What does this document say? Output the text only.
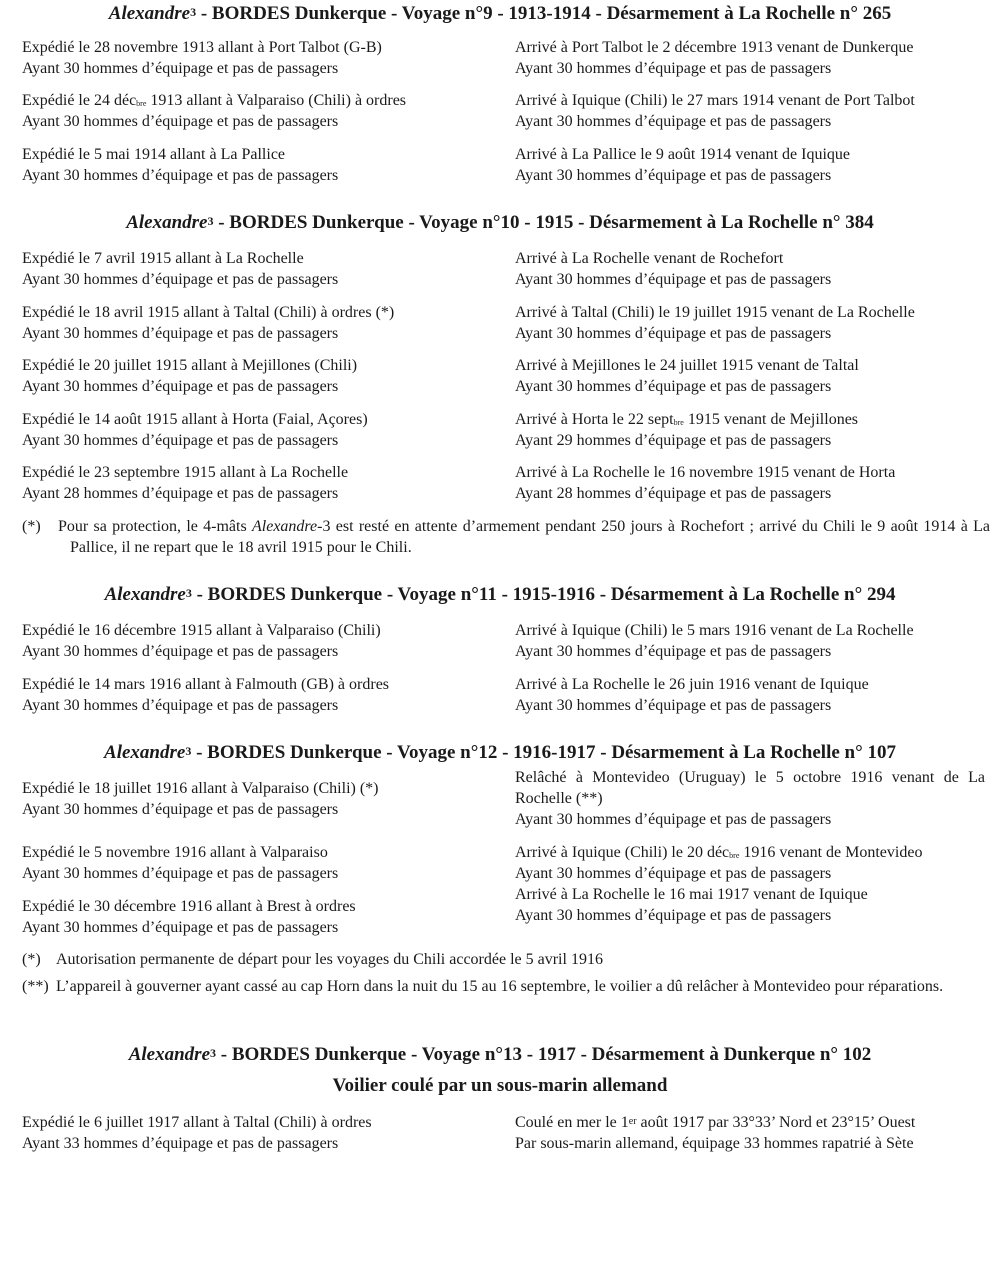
Alexandre$^3$ - BORDES Dunkerque - Voyage n°9 - 1913-1914 - Désarmement à La Rochelle n° 265
Expédié le 28 novembre 1913 allant à Port Talbot (G-B)
Ayant 30 hommes d’équipage et pas de passagers
Arrivé à Port Talbot le 2 décembre 1913 venant de Dunkerque
Ayant 30 hommes d’équipage et pas de passagers
Expédié le 24 déc$^{bre}$ 1913 allant à Valparaiso (Chili) à ordres
Ayant 30 hommes d’équipage et pas de passagers
Arrivé à Iquique (Chili) le 27 mars 1914 venant de Port Talbot
Ayant 30 hommes d’équipage et pas de passagers
Expédié le 5 mai 1914 allant à La Pallice
Ayant 30 hommes d’équipage et pas de passagers
Arrivé à La Pallice le 9 août 1914 venant de Iquique
Ayant 30 hommes d’équipage et pas de passagers
Alexandre$^3$ - BORDES Dunkerque - Voyage n°10 - 1915 - Désarmement à La Rochelle n° 384
Expédié le 7 avril 1915 allant à La Rochelle
Ayant 30 hommes d’équipage et pas de passagers
Arrivé à La Rochelle venant de Rochefort
Ayant 30 hommes d’équipage et pas de passagers
Expédié le 18 avril 1915 allant à Taltal (Chili) à ordres (*)
Ayant 30 hommes d’équipage et pas de passagers
Arrivé à Taltal (Chili) le 19 juillet 1915 venant de La Rochelle
Ayant 30 hommes d’équipage et pas de passagers
Expédié le 20 juillet 1915 allant à Mejillones (Chili)
Ayant 30 hommes d’équipage et pas de passagers
Arrivé à Mejillones le 24 juillet 1915 venant de Taltal
Ayant 30 hommes d’équipage et pas de passagers
Expédié le 14 août 1915 allant à Horta (Faial, Açores)
Ayant 30 hommes d’équipage et pas de passagers
Arrivé à Horta le 22 sept$^{bre}$ 1915 venant de Mejillones
Ayant 29 hommes d’équipage et pas de passagers
Expédié le 23 septembre 1915 allant à La Rochelle
Ayant 28 hommes d’équipage et pas de passagers
Arrivé à La Rochelle le 16 novembre 1915 venant de Horta
Ayant 28 hommes d’équipage et pas de passagers
(*)	Pour sa protection, le 4-mâts Alexandre-3 est resté en attente d’armement pendant 250 jours à Rochefort ; arrivé du Chili le 9 août 1914 à La Pallice, il ne repart que le 18 avril 1915 pour le Chili.
Alexandre$^3$ - BORDES Dunkerque - Voyage n°11 - 1915-1916 - Désarmement à La Rochelle n° 294
Expédié le 16 décembre 1915 allant à Valparaiso (Chili)
Ayant 30 hommes d’équipage et pas de passagers
Arrivé à Iquique (Chili) le 5 mars 1916 venant de La Rochelle
Ayant 30 hommes d’équipage et pas de passagers
Expédié le 14 mars 1916 allant à Falmouth (GB) à ordres
Ayant 30 hommes d’équipage et pas de passagers
Arrivé à La Rochelle le 26 juin 1916 venant de Iquique
Ayant 30 hommes d’équipage et pas de passagers
Alexandre$^3$ - BORDES Dunkerque - Voyage n°12 - 1916-1917 - Désarmement à La Rochelle n° 107
Expédié le 18 juillet 1916 allant à Valparaiso (Chili) (*)
Ayant 30 hommes d’équipage et pas de passagers
Relâché à Montevideo (Uruguay) le 5 octobre 1916 venant de La Rochelle (**)
Ayant 30 hommes d’équipage et pas de passagers
Expédié le 5 novembre 1916 allant à Valparaiso
Ayant 30 hommes d’équipage et pas de passagers
Arrivé à Iquique (Chili) le 20 déc$^{bre}$ 1916 venant de Montevideo
Ayant 30 hommes d’équipage et pas de passagers
Arrivé à La Rochelle le 16 mai 1917 venant de Iquique
Ayant 30 hommes d’équipage et pas de passagers
Expédié le 30 décembre 1916 allant à Brest à ordres
Ayant 30 hommes d’équipage et pas de passagers
(*) Autorisation permanente de départ pour les voyages du Chili accordée le 5 avril 1916
(**) L’appareil à gouverner ayant cassé au cap Horn dans la nuit du 15 au 16 septembre, le voilier a dû relâcher à Montevideo pour réparations.
Alexandre$^3$ - BORDES Dunkerque - Voyage n°13 - 1917 - Désarmement à Dunkerque n° 102
Voilier coulé par un sous-marin allemand
Expédié le 6 juillet 1917 allant à Taltal (Chili) à ordres
Ayant 33 hommes d’équipage et pas de passagers
Coulé en mer le 1er août 1917 par 33°33’ Nord et 23°15’ Ouest
Par sous-marin allemand, équipage 33 hommes rapatrié à Sète
